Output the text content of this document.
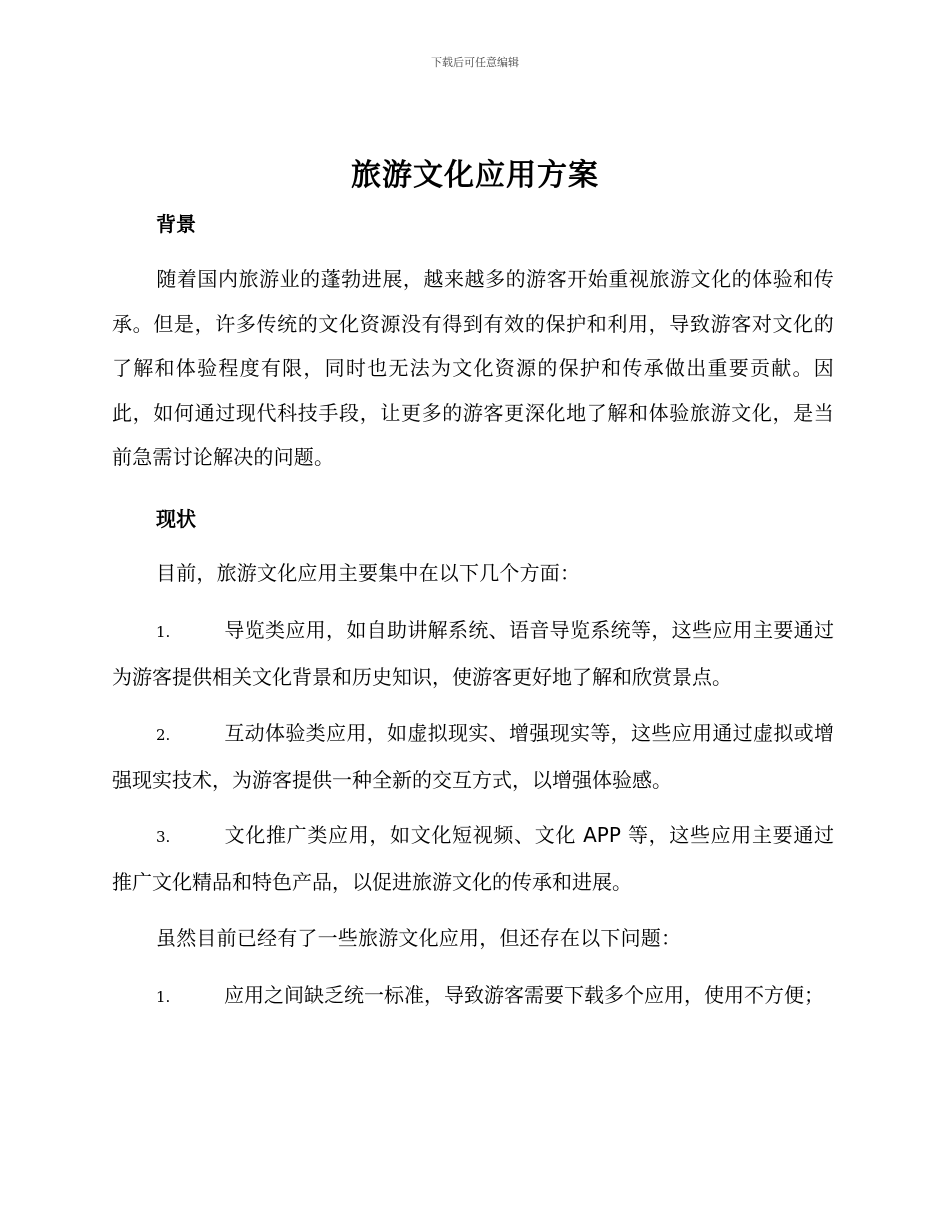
下载后可任意编辑
旅游文化应用方案
背景
随着国内旅游业的蓬勃进展，越来越多的游客开始重视旅游文化的体验和传承。但是，许多传统的文化资源没有得到有效的保护和利用，导致游客对文化的了解和体验程度有限，同时也无法为文化资源的保护和传承做出重要贡献。因此，如何通过现代科技手段，让更多的游客更深化地了解和体验旅游文化，是当前急需讨论解决的问题。
现状
目前，旅游文化应用主要集中在以下几个方面：
1.	导览类应用，如自助讲解系统、语音导览系统等，这些应用主要通过为游客提供相关文化背景和历史知识，使游客更好地了解和欣赏景点。
2.	互动体验类应用，如虚拟现实、增强现实等，这些应用通过虚拟或增强现实技术，为游客提供一种全新的交互方式，以增强体验感。
3.	文化推广类应用，如文化短视频、文化 APP 等，这些应用主要通过推广文化精品和特色产品，以促进旅游文化的传承和进展。
虽然目前已经有了一些旅游文化应用，但还存在以下问题：
1.	应用之间缺乏统一标准，导致游客需要下载多个应用，使用不方便；
